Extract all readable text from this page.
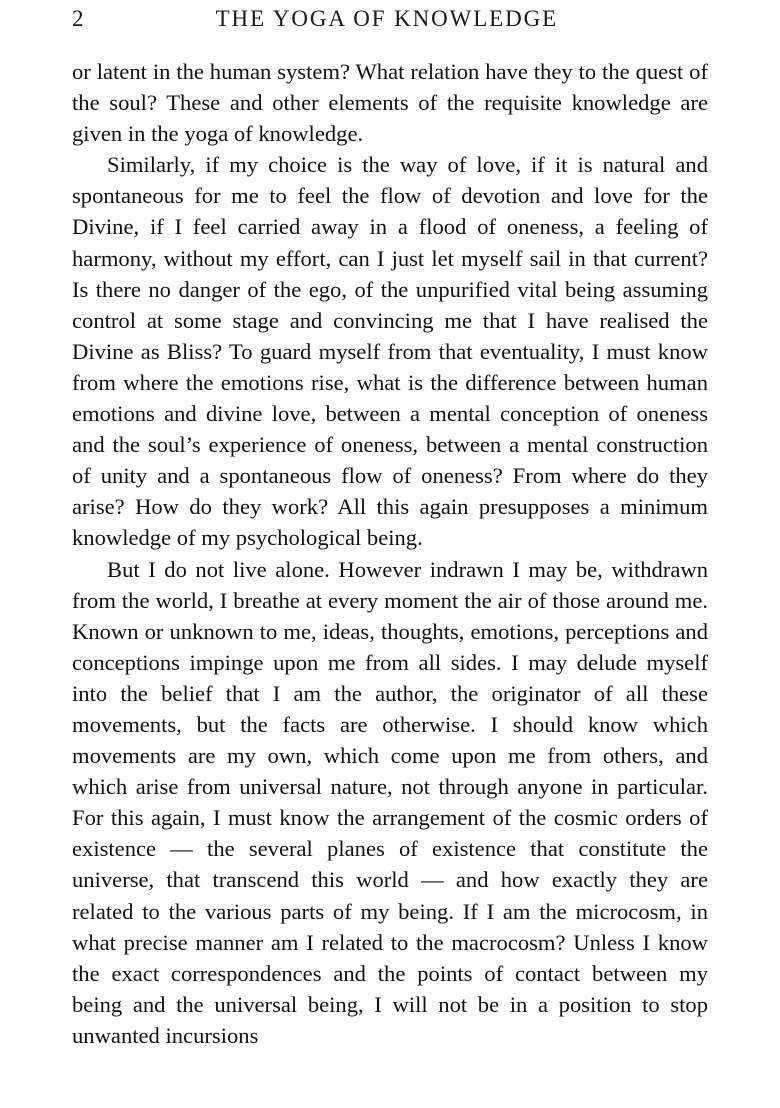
2	THE YOGA OF KNOWLEDGE

or latent in the human system? What relation have they to the quest of the soul? These and other elements of the requisite knowledge are given in the yoga of knowledge.

Similarly, if my choice is the way of love, if it is natural and spontaneous for me to feel the flow of devotion and love for the Divine, if I feel carried away in a flood of oneness, a feeling of harmony, without my effort, can I just let myself sail in that current? Is there no danger of the ego, of the unpurified vital being assuming control at some stage and convincing me that I have realised the Divine as Bliss? To guard myself from that eventuality, I must know from where the emotions rise, what is the difference between human emotions and divine love, between a mental conception of oneness and the soul’s experience of oneness, between a mental construction of unity and a spontaneous flow of oneness? From where do they arise? How do they work? All this again presupposes a minimum knowledge of my psychological being.

But I do not live alone. However indrawn I may be, withdrawn from the world, I breathe at every moment the air of those around me. Known or unknown to me, ideas, thoughts, emotions, perceptions and conceptions impinge upon me from all sides. I may delude myself into the belief that I am the author, the originator of all these movements, but the facts are otherwise. I should know which movements are my own, which come upon me from others, and which arise from universal nature, not through anyone in particular. For this again, I must know the arrangement of the cosmic orders of existence — the several planes of existence that constitute the universe, that transcend this world — and how exactly they are related to the various parts of my being. If I am the microcosm, in what precise manner am I related to the macrocosm? Unless I know the exact correspondences and the points of contact between my being and the universal being, I will not be in a position to stop unwanted incursions
